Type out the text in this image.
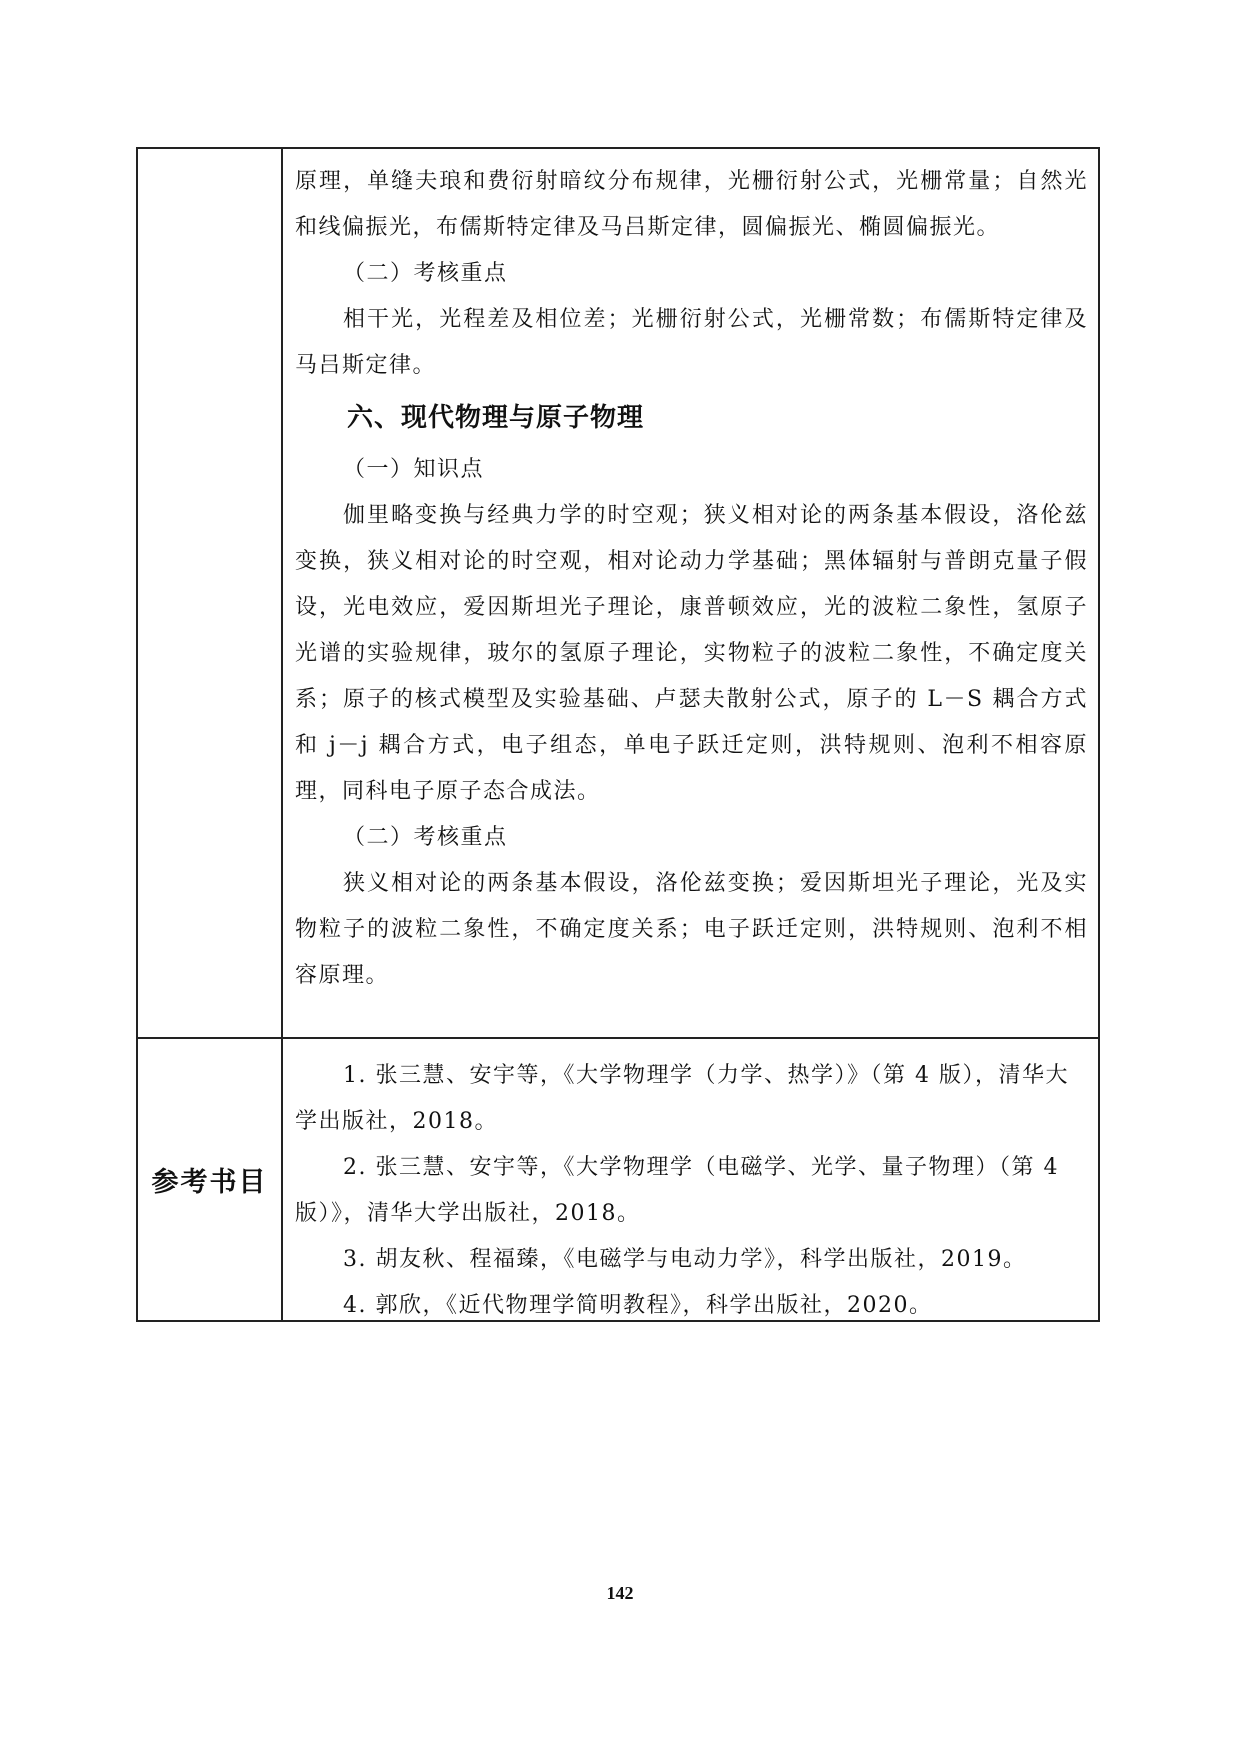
原理，单缝夫琅和费衍射暗纹分布规律，光栅衍射公式，光栅常量；自然光和线偏振光，布儒斯特定律及马吕斯定律，圆偏振光、椭圆偏振光。

（二）考核重点

相干光，光程差及相位差；光栅衍射公式，光栅常数；布儒斯特定律及马吕斯定律。

六、现代物理与原子物理

（一）知识点

伽里略变换与经典力学的时空观；狭义相对论的两条基本假设，洛伦兹变换，狭义相对论的时空观，相对论动力学基础；黑体辐射与普朗克量子假设，光电效应，爱因斯坦光子理论，康普顿效应，光的波粒二象性，氢原子光谱的实验规律，玻尔的氢原子理论，实物粒子的波粒二象性，不确定度关系；原子的核式模型及实验基础、卢瑟夫散射公式，原子的 L－S 耦合方式和 j－j 耦合方式，电子组态，单电子跃迁定则，洪特规则、泡利不相容原理，同科电子原子态合成法。

（二）考核重点

狭义相对论的两条基本假设，洛伦兹变换；爱因斯坦光子理论，光及实物粒子的波粒二象性，不确定度关系；电子跃迁定则，洪特规则、泡利不相容原理。

参考书目

1. 张三慧、安宇等，《大学物理学（力学、热学）》（第 4 版），清华大学出版社，2018。

2. 张三慧、安宇等，《大学物理学（电磁学、光学、量子物理）（第 4 版）》，清华大学出版社，2018。

3. 胡友秋、程福臻，《电磁学与电动力学》，科学出版社，2019。

4. 郭欣，《近代物理学简明教程》，科学出版社，2020。

142
